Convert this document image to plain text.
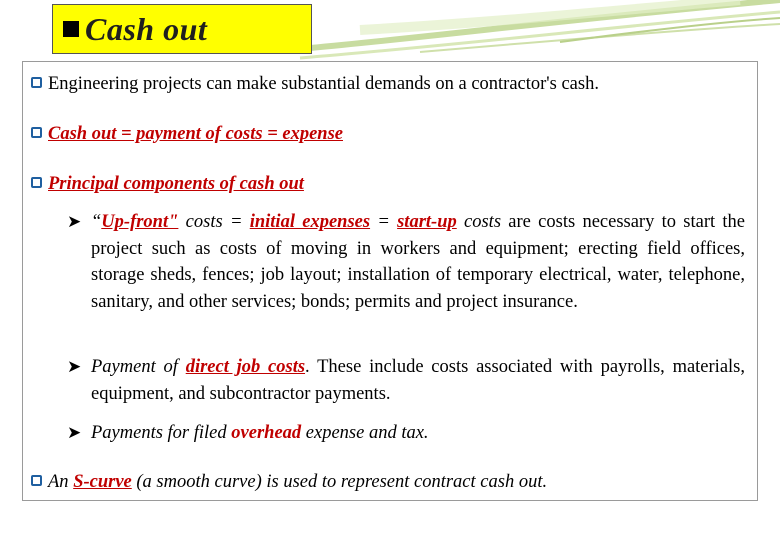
Cash out
Engineering projects can make substantial demands on a contractor's cash.
Cash out = payment of costs = expense
Principal components of cash out
➤ “Up-front" costs = initial expenses = start-up costs are costs necessary to start the project such as costs of moving in workers and equipment; erecting field offices, storage sheds, fences; job layout; installation of temporary electrical, water, telephone, sanitary, and other services; bonds; permits and project insurance.
➤ Payment of direct job costs. These include costs associated with payrolls, materials, equipment, and subcontractor payments.
➤ Payments for filed overhead expense and tax.
An S-curve (a smooth curve) is used to represent contract cash out.
